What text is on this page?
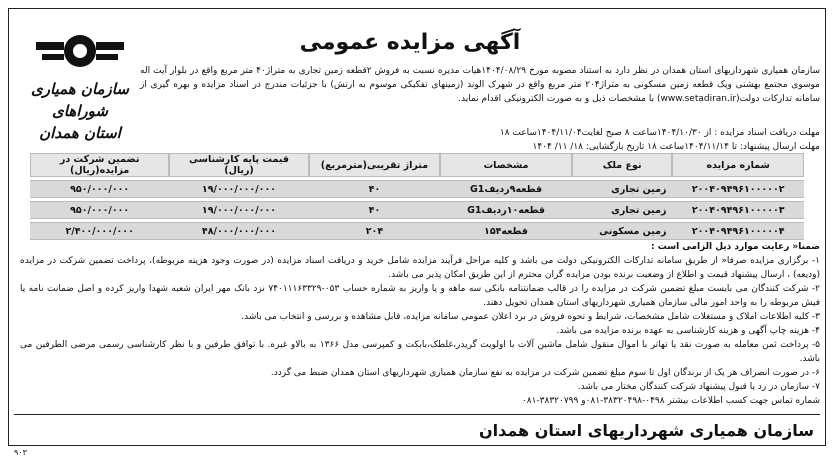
سازمان همیاری شوراهای
استان همدان
آگهی مزایده عمومی
سازمان همیاری شهرداریهای استان همدان در نظر دارد به استناد مصوبه مورخ ۱۴۰۴/۰۸/۲۹هیات مدیره نسبت به فروش ۲قطعه زمین تجاری به متراژ۴۰ متر مربع واقع در بلوار آیت اله موسوی مجتمع بهشتی ویک قطعه زمین مسکونی به متراژ۲۰۴ متر مربع واقع در شهرک الوند (زمینهای تفکیکی موسوم به ارتش) با جزئیات مندرج در اسناد مزایده و بهره گیری از سامانه تدارکات دولت(www.setadiran.ir) با مشخصات ذیل و به صورت الکترونیکی اقدام نماید.
مهلت دریافت اسناد مزایده : از ۱۴۰۴/۱۰/۳۰ساعت ۸ صبح لغایت۱۴۰۴/۱۱/۰۴ساعت ۱۸
مهلت ارسال پیشنهاد: تا ۱۴۰۴/۱۱/۱۴ساعت ۱۸ تاریخ بازگشایی: ۱۸/ ۱۱/ ۱۴۰۴
شماره مزایده	نوع ملک	مشخصات	متراژ تقریبی(مترمربع)	قیمت پایه کارشناسی (ریال)	تضمین شرکت در مزایده(ریال)
۲۰۰۴۰۹۴۹۶۱۰۰۰۰۰۲	زمین تجاری	قطعه۹ردیفG1	۴۰	۱۹/۰۰۰/۰۰۰/۰۰۰	۹۵۰/۰۰۰/۰۰۰
۲۰۰۴۰۹۴۹۶۱۰۰۰۰۰۳	زمین تجاری	قطعه۱۰ردیفG1	۴۰	۱۹/۰۰۰/۰۰۰/۰۰۰	۹۵۰/۰۰۰/۰۰۰
۲۰۰۴۰۹۴۹۶۱۰۰۰۰۰۴	زمین مسکونی	قطعه۱۵۴	۲۰۴	۴۸/۰۰۰/۰۰۰/۰۰۰	۲/۴۰۰/۰۰۰/۰۰۰
ضمنا« رعایت موارد ذیل الزامی است :
۱- برگزاری مزایده صرفا« از طریق سامانه تدارکات الکترونیکی دولت می باشد و کلیه مراحل فرآیند مزایده شامل خرید و دریافت اسناد مزایده (در صورت وجود هزینه مربوطه)، پرداخت تضمین شرکت در مزایده (ودیعه) ، ارسال پیشنهاد قیمت و اطلاع از وضعیت برنده بودن مزایده گران محترم از این طریق امکان پذیر می باشد.
۲- شرکت کنندگان می بایست مبلغ تضمین شرکت در مزایده را در قالب ضمانتنامه بانکی سه ماهه و یا واریز به شماره حساب ۰۵۳-۷۴۰۱۱۱۶۳۳۲۹ نزد بانک مهر ایران شعبه شهدا واریز کرده و اصل ضمانت نامه یا فیش مربوطه را به واحد امور مالی سازمان همیاری شهرداریهای استان همدان تحویل دهند.
۳- کلیه اطلاعات املاک و مستغلات شامل مشخصات، شرایط و نحوه فروش در برد اعلان عمومی سامانه مزایده، قابل مشاهده و بررسی و انتخاب می باشد.
۴- هزینه چاپ آگهی و هزینه کارشناسی به عهده برنده مزایده می باشد.
۵- پرداخت ثمن معامله به صورت نقد یا تهاتر با اموال منقول شامل ماشین آلات با اولویت گریدر،غلطک،بابکت و کمپرسی مدل ۱۳۶۶ به بالاو غیره. با توافق طرفین و با نظر کارشناسی رسمی مرضی الطرفین می باشد.
۶- در صورت انصراف هر یک از برندگان اول تا سوم مبلغ تضمین شرکت در مزایده به نفع سازمان همیاری شهرداریهای استان همدان ضبط می گردد.
۷- سازمان در رد یا قبول پیشنهاد شرکت کنندگان مختار می باشد.
شماره تماس جهت کسب اطلاعات بیشتر ۰۴۹۸-۳۸۳۲۰۴۹۸-۰۸۱و ۳۸۳۲۰۷۹۹-۰۸۱
سازمان همیاری شهرداریهای استان همدان
۹۰۳
